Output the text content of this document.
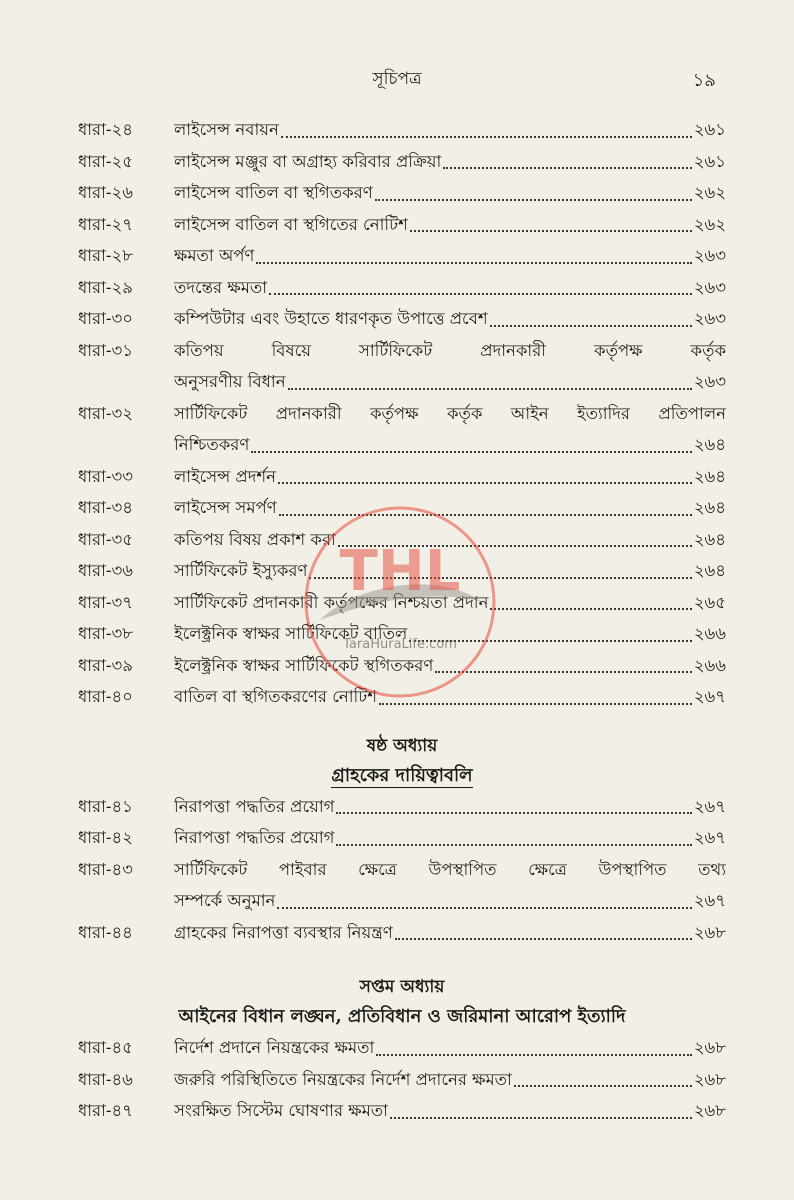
সূচিপত্র	১৯
ধারা-২৪ লাইসেন্স নবায়ন	২৬১
ধারা-২৫ লাইসেন্স মঞ্জুর বা অগ্রাহ্য করিবার প্রক্রিয়া	২৬১
ধারা-২৬ লাইসেন্স বাতিল বা স্থগিতকরণ	২৬২
ধারা-২৭ লাইসেন্স বাতিল বা স্থগিতের নোটিশ	২৬২
ধারা-২৮ ক্ষমতা অর্পণ	২৬৩
ধারা-২৯ তদন্তের ক্ষমতা	২৬৩
ধারা-৩০ কম্পিউটার এবং উহাতে ধারণকৃত উপাত্তে প্রবেশ	২৬৩
ধারা-৩১ কতিপয় বিষয়ে সার্টিফিকেট প্রদানকারী কর্তৃপক্ষ কর্তৃক
অনুসরণীয় বিধান	২৬৩
ধারা-৩২ সার্টিফিকেট প্রদানকারী কর্তৃপক্ষ কর্তৃক আইন ইত্যাদির প্রতিপালন
নিশ্চিতকরণ	২৬৪
ধারা-৩৩ লাইসেন্স প্রদর্শন	২৬৪
ধারা-৩৪ লাইসেন্স সমর্পণ	২৬৪
ধারা-৩৫ কতিপয় বিষয় প্রকাশ করা	২৬৪
ধারা-৩৬ সার্টিফিকেট ইস্যুকরণ	২৬৪
ধারা-৩৭ সার্টিফিকেট প্রদানকারী কর্তৃপক্ষের নিশ্চয়তা প্রদান	২৬৫
ধারা-৩৮ ইলেক্ট্রনিক স্বাক্ষর সার্টিফিকেট বাতিল	২৬৬
ধারা-৩৯ ইলেক্ট্রনিক স্বাক্ষর সার্টিফিকেট স্থগিতকরণ	২৬৬
ধারা-৪০ বাতিল বা স্থগিতকরণের নোটিশ	২৬৭
ষষ্ঠ অধ্যায়
গ্রাহকের দায়িত্বাবলি
ধারা-৪১ নিরাপত্তা পদ্ধতির প্রয়োগ	২৬৭
ধারা-৪২ নিরাপত্তা পদ্ধতির প্রয়োগ	২৬৭
ধারা-৪৩ সার্টিফিকেট পাইবার ক্ষেত্রে উপস্থাপিত ক্ষেত্রে উপস্থাপিত তথ্য
সম্পর্কে অনুমান	২৬৭
ধারা-৪৪ গ্রাহকের নিরাপত্তা ব্যবস্থার নিয়ন্ত্রণ	২৬৮
সপ্তম অধ্যায়
আইনের বিধান লঙ্ঘন, প্রতিবিধান ও জরিমানা আরোপ ইত্যাদি
ধারা-৪৫ নির্দেশ প্রদানে নিয়ন্ত্রকের ক্ষমতা	২৬৮
ধারা-৪৬ জরুরি পরিস্থিতিতে নিয়ন্ত্রকের নির্দেশ প্রদানের ক্ষমতা	২৬৮
ধারা-৪৭ সংরক্ষিত সিস্টেম ঘোষণার ক্ষমতা	২৬৮
THL
TaraHuraLife.com
